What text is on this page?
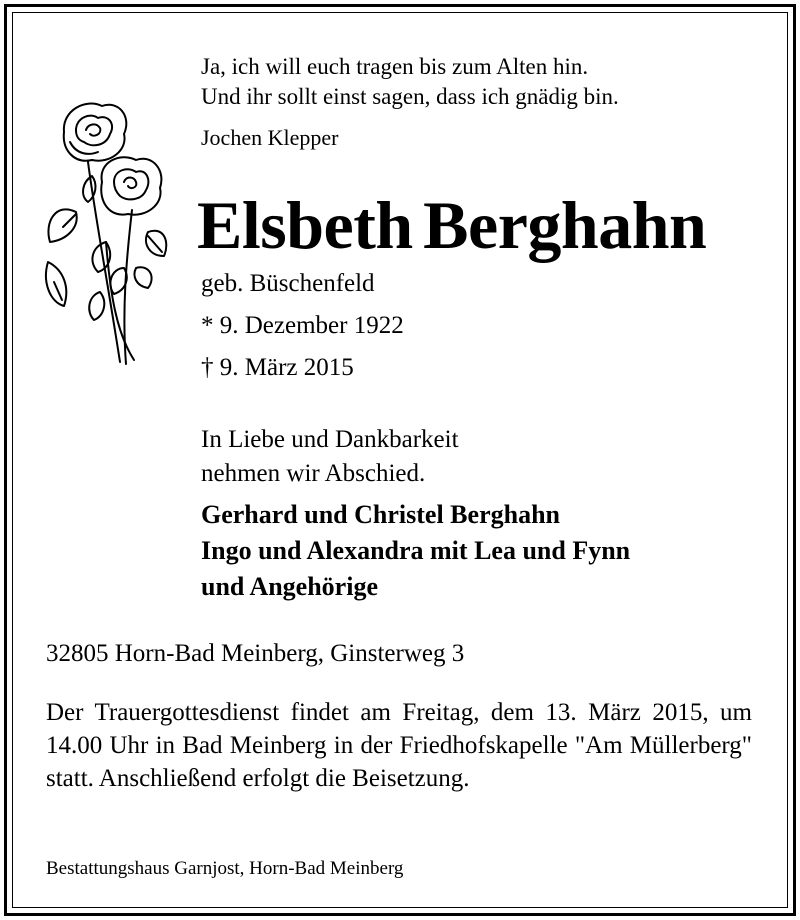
Ja, ich will euch tragen bis zum Alten hin.
Und ihr sollt einst sagen, dass ich gnädig bin.
Jochen Klepper
Elsbeth Berghahn
geb. Büschenfeld
* 9. Dezember 1922
† 9. März 2015
In Liebe und Dankbarkeit
nehmen wir Abschied.
Gerhard und Christel Berghahn
Ingo und Alexandra mit Lea und Fynn
und Angehörige
32805 Horn-Bad Meinberg, Ginsterweg 3
Der Trauergottesdienst findet am Freitag, dem 13. März 2015, um 14.00 Uhr in Bad Meinberg in der Friedhofskapelle "Am Müllerberg" statt. Anschließend erfolgt die Beisetzung.
Bestattungshaus Garnjost, Horn-Bad Meinberg
